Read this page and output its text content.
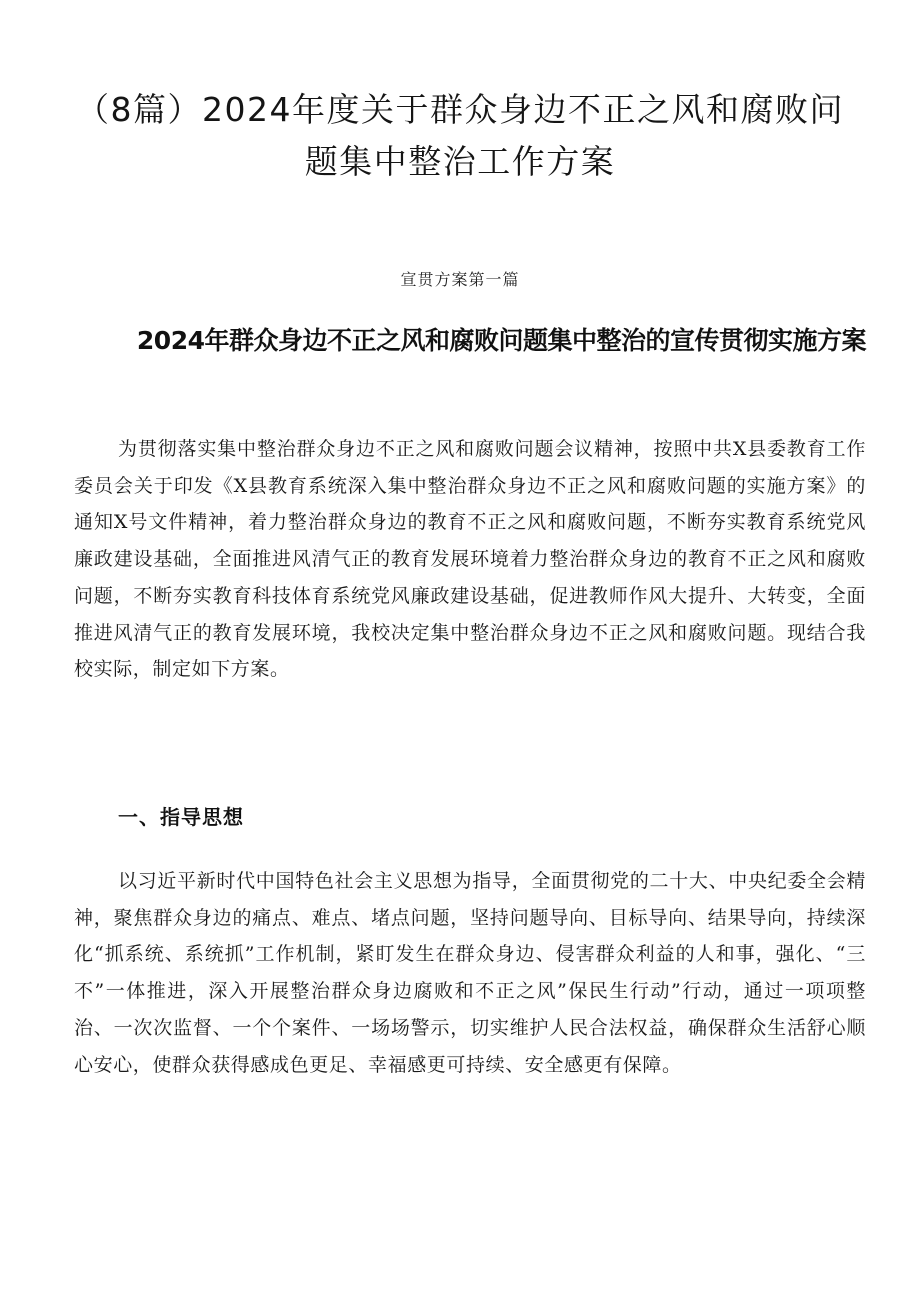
（8篇）2024年度关于群众身边不正之风和腐败问题集中整治工作方案
宣贯方案第一篇
2024年群众身边不正之风和腐败问题集中整治的宣传贯彻实施方案

为贯彻落实集中整治群众身边不正之风和腐败问题会议精神，按照中共X县委教育工作委员会关于印发《X县教育系统深入集中整治群众身边不正之风和腐败问题的实施方案》的通知X号文件精神，着力整治群众身边的教育不正之风和腐败问题，不断夯实教育系统党风廉政建设基础，全面推进风清气正的教育发展环境着力整治群众身边的教育不正之风和腐败问题，不断夯实教育科技体育系统党风廉政建设基础，促进教师作风大提升、大转变，全面推进风清气正的教育发展环境，我校决定集中整治群众身边不正之风和腐败问题。现结合我校实际，制定如下方案。

一、指导思想

以习近平新时代中国特色社会主义思想为指导，全面贯彻党的二十大、中央纪委全会精神，聚焦群众身边的痛点、难点、堵点问题，坚持问题导向、目标导向、结果导向，持续深化“抓系统、系统抓”工作机制，紧盯发生在群众身边、侵害群众利益的人和事，强化、“三不”一体推进，深入开展整治群众身边腐败和不正之风”保民生行动”行动，通过一项项整治、一次次监督、一个个案件、一场场警示，切实维护人民合法权益，确保群众生活舒心顺心安心，使群众获得感成色更足、幸福感更可持续、安全感更有保障。
